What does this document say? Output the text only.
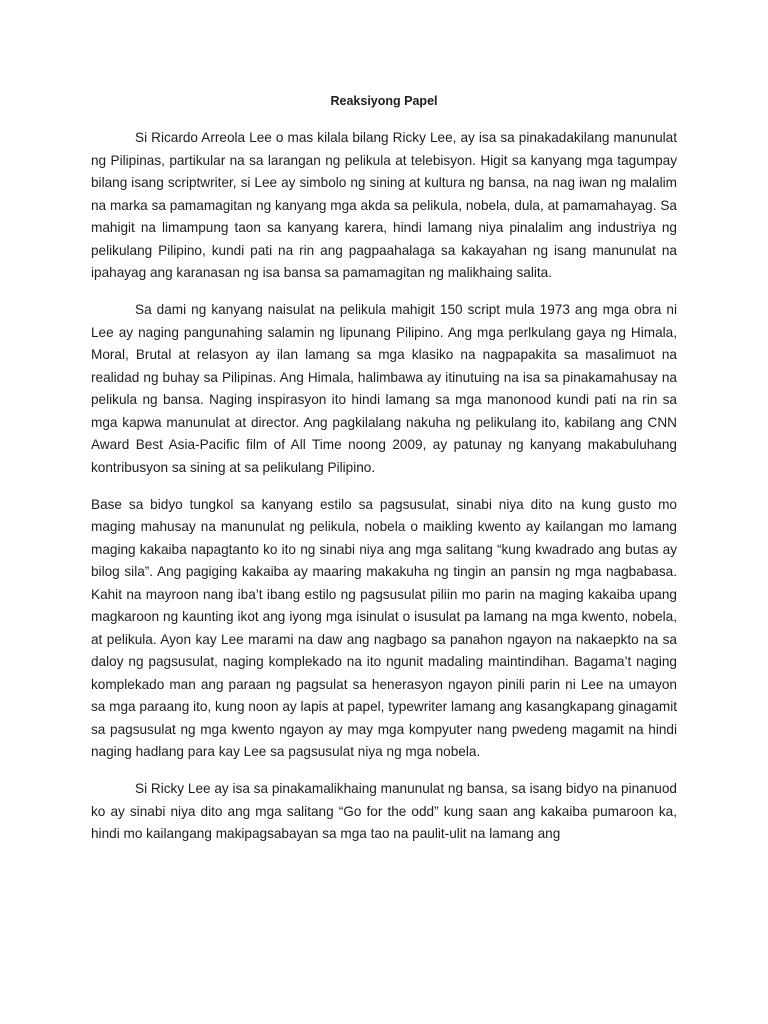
Reaksiyong Papel

Si Ricardo Arreola Lee o mas kilala bilang Ricky Lee, ay isa sa pinakadakilang manunulat ng Pilipinas, partikular na sa larangan ng pelikula at telebisyon. Higit sa kanyang mga tagumpay bilang isang scriptwriter, si Lee ay simbolo ng sining at kultura ng bansa, na nag iwan ng malalim na marka sa pamamagitan ng kanyang mga akda sa pelikula, nobela, dula, at pamamahayag. Sa mahigit na limampung taon sa kanyang karera, hindi lamang niya pinalalim ang industriya ng pelikulang Pilipino, kundi pati na rin ang pagpaahalaga sa kakayahan ng isang manunulat na ipahayag ang karanasan ng isa bansa sa pamamagitan ng malikhaing salita.

Sa dami ng kanyang naisulat na pelikula mahigit 150 script mula 1973 ang mga obra ni Lee ay naging pangunahing salamin ng lipunang Pilipino. Ang mga perlkulang gaya ng Himala, Moral, Brutal at relasyon ay ilan lamang sa mga klasiko na nagpapakita sa masalimuot na realidad ng buhay sa Pilipinas. Ang Himala, halimbawa ay itinutuing na isa sa pinakamahusay na pelikula ng bansa. Naging inspirasyon ito hindi lamang sa mga manonood kundi pati na rin sa mga kapwa manunulat at director. Ang pagkilalang nakuha ng pelikulang ito, kabilang ang CNN Award Best Asia-Pacific film of All Time noong 2009, ay patunay ng kanyang makabuluhang kontribusyon sa sining at sa pelikulang Pilipino.

Base sa bidyo tungkol sa kanyang estilo sa pagsusulat, sinabi niya dito na kung gusto mo maging mahusay na manunulat ng pelikula, nobela o maikling kwento ay kailangan mo lamang maging kakaiba napagtanto ko ito ng sinabi niya ang mga salitang “kung kwadrado ang butas ay bilog sila”. Ang pagiging kakaiba ay maaring makakuha ng tingin an pansin ng mga nagbabasa. Kahit na mayroon nang iba’t ibang estilo ng pagsusulat piliin mo parin na maging kakaiba upang magkaroon ng kaunting ikot ang iyong mga isinulat o isusulat pa lamang na mga kwento, nobela, at pelikula. Ayon kay Lee marami na daw ang nagbago sa panahon ngayon na nakaepkto na sa daloy ng pagsusulat, naging komplekado na ito ngunit madaling maintindihan. Bagama’t naging komplekado man ang paraan ng pagsulat sa henerasyon ngayon pinili parin ni Lee na umayon sa mga paraang ito, kung noon ay lapis at papel, typewriter lamang ang kasangkapang ginagamit sa pagsusulat ng mga kwento ngayon ay may mga kompyuter nang pwedeng magamit na hindi naging hadlang para kay Lee sa pagsusulat niya ng mga nobela.

Si Ricky Lee ay isa sa pinakamalikhaing manunulat ng bansa, sa isang bidyo na pinanuod ko ay sinabi niya dito ang mga salitang “Go for the odd” kung saan ang kakaiba pumaroon ka, hindi mo kailangang makipagsabayan sa mga tao na paulit-ulit na lamang ang
